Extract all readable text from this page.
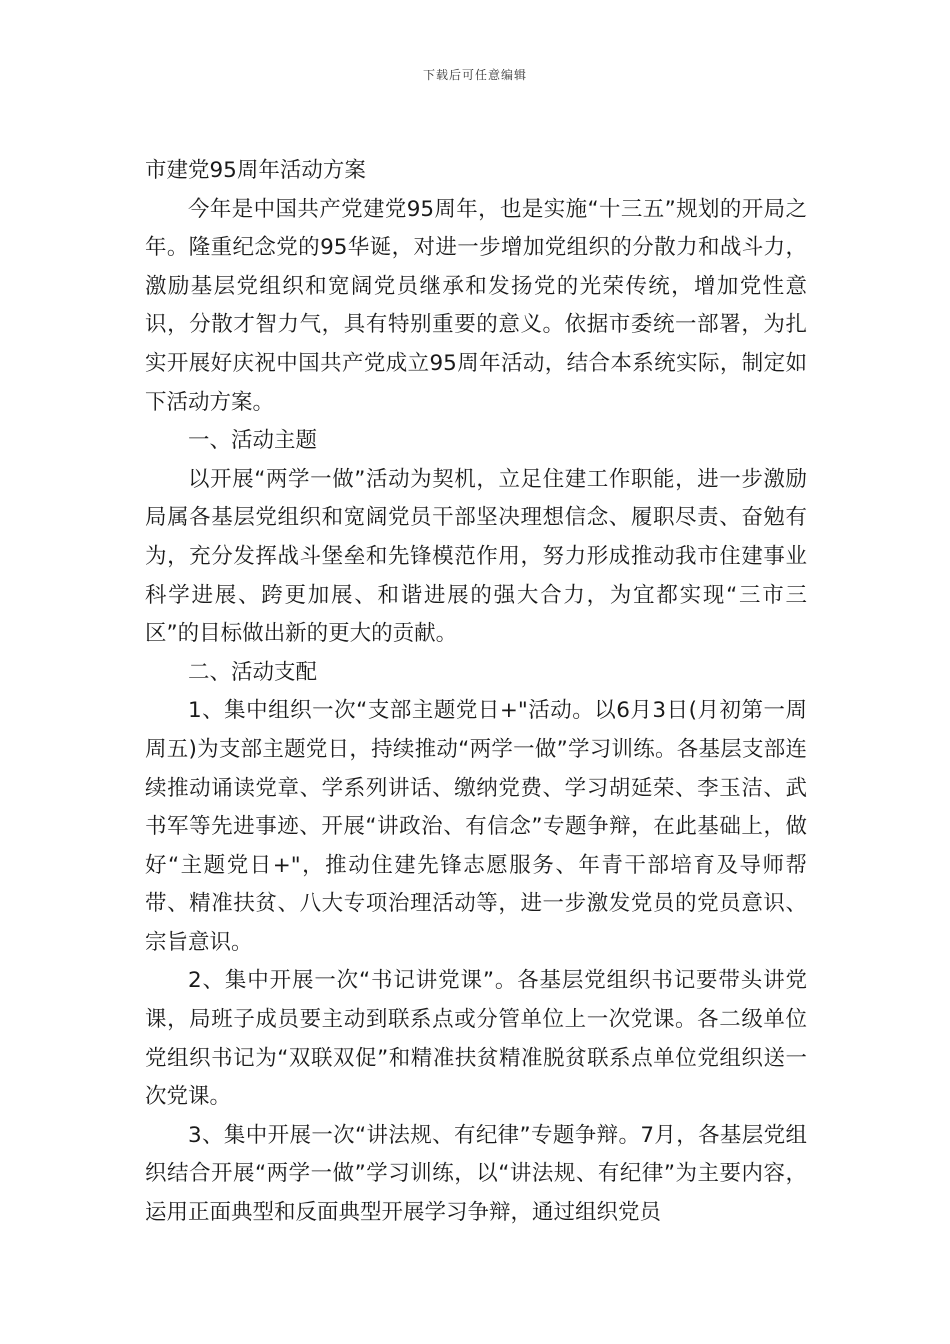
下载后可任意编辑
市建党95周年活动方案

今年是中国共产党建党95周年，也是实施“十三五”规划的开局之年。隆重纪念党的95华诞，对进一步增加党组织的分散力和战斗力，激励基层党组织和宽阔党员继承和发扬党的光荣传统，增加党性意识，分散才智力气，具有特别重要的意义。依据市委统一部署，为扎实开展好庆祝中国共产党成立95周年活动，结合本系统实际，制定如下活动方案。

一、活动主题

以开展“两学一做”活动为契机，立足住建工作职能，进一步激励局属各基层党组织和宽阔党员干部坚决理想信念、履职尽责、奋勉有为，充分发挥战斗堡垒和先锋模范作用，努力形成推动我市住建事业科学进展、跨更加展、和谐进展的强大合力，为宜都实现“三市三区”的目标做出新的更大的贡献。

二、活动支配

1、集中组织一次“支部主题党日+"活动。以6月3日(月初第一周周五)为支部主题党日，持续推动“两学一做”学习训练。各基层支部连续推动诵读党章、学系列讲话、缴纳党费、学习胡延荣、李玉洁、武书军等先进事迹、开展“讲政治、有信念”专题争辩，在此基础上，做好“主题党日+"，推动住建先锋志愿服务、年青干部培育及导师帮带、精准扶贫、八大专项治理活动等，进一步激发党员的党员意识、宗旨意识。

2、集中开展一次“书记讲党课”。各基层党组织书记要带头讲党课，局班子成员要主动到联系点或分管单位上一次党课。各二级单位党组织书记为“双联双促”和精准扶贫精准脱贫联系点单位党组织送一次党课。

3、集中开展一次“讲法规、有纪律”专题争辩。7月，各基层党组织结合开展“两学一做”学习训练，以“讲法规、有纪律”为主要内容，运用正面典型和反面典型开展学习争辩，通过组织党员
